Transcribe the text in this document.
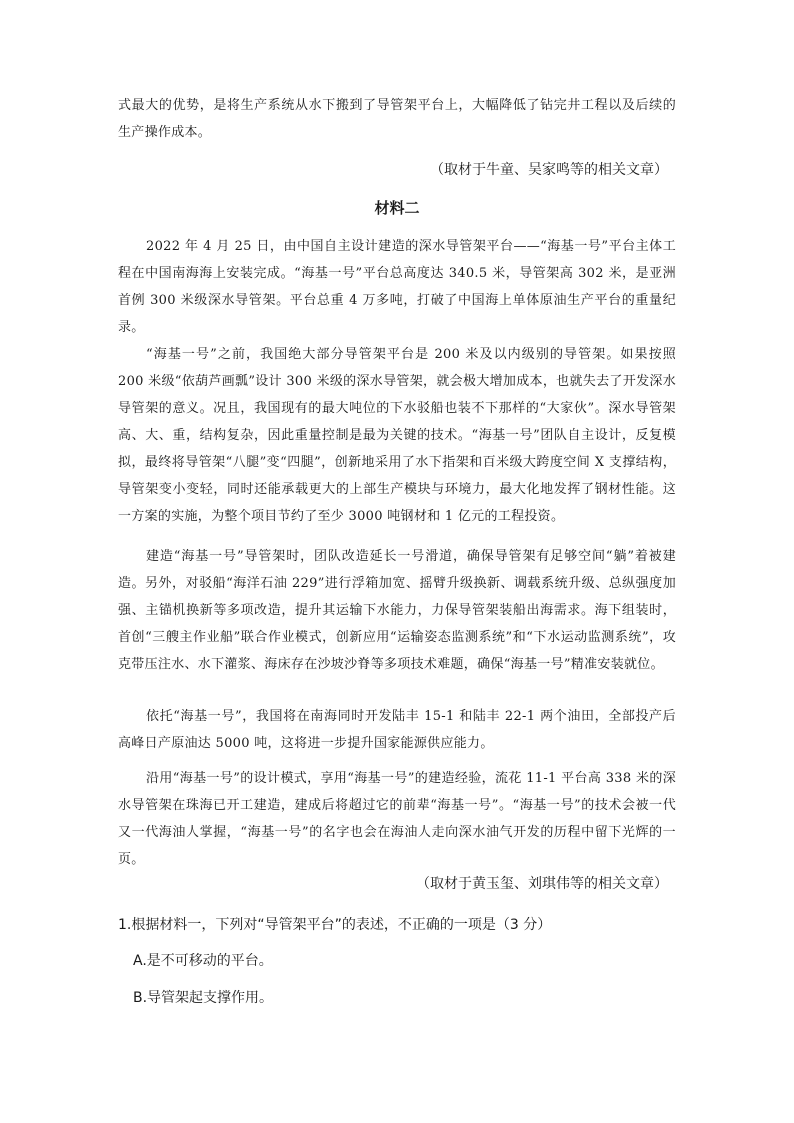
式最大的优势，是将生产系统从水下搬到了导管架平台上，大幅降低了钻完井工程以及后续的生产操作成本。

（取材于牛童、吴家鸣等的相关文章）

材料二

2022 年 4 月 25 日，由中国自主设计建造的深水导管架平台——“海基一号”平台主体工程在中国南海海上安装完成。“海基一号”平台总高度达 340.5 米，导管架高 302 米，是亚洲首例 300 米级深水导管架。平台总重 4 万多吨，打破了中国海上单体原油生产平台的重量纪录。

“海基一号”之前，我国绝大部分导管架平台是 200 米及以内级别的导管架。如果按照 200 米级“依葫芦画瓢”设计 300 米级的深水导管架，就会极大增加成本，也就失去了开发深水导管架的意义。况且，我国现有的最大吨位的下水驳船也装不下那样的“大家伙”。深水导管架高、大、重，结构复杂，因此重量控制是最为关键的技术。“海基一号”团队自主设计，反复模拟，最终将导管架“八腿”变“四腿”，创新地采用了水下指架和百米级大跨度空间 X 支撑结构，导管架变小变轻，同时还能承载更大的上部生产模块与环境力，最大化地发挥了钢材性能。这一方案的实施，为整个项目节约了至少 3000 吨钢材和 1 亿元的工程投资。

建造“海基一号”导管架时，团队改造延长一号滑道，确保导管架有足够空间“躺”着被建造。另外，对驳船“海洋石油 229”进行浮箱加宽、摇臂升级换新、调载系统升级、总纵强度加强、主锚机换新等多项改造，提升其运输下水能力，力保导管架装船出海需求。海下组装时，首创“三艘主作业船”联合作业模式，创新应用“运输姿态监测系统”和“下水运动监测系统”，攻克带压注水、水下灌浆、海床存在沙坡沙脊等多项技术难题，确保“海基一号”精准安装就位。

依托“海基一号”，我国将在南海同时开发陆丰 15-1 和陆丰 22-1 两个油田，全部投产后高峰日产原油达 5000 吨，这将进一步提升国家能源供应能力。

沿用“海基一号”的设计模式，享用“海基一号”的建造经验，流花 11-1 平台高 338 米的深水导管架在珠海已开工建造，建成后将超过它的前辈“海基一号”。“海基一号”的技术会被一代又一代海油人掌握，“海基一号”的名字也会在海油人走向深水油气开发的历程中留下光辉的一页。

（取材于黄玉玺、刘琪伟等的相关文章）

1.根据材料一，下列对“导管架平台”的表述，不正确的一项是（3 分）

A.是不可移动的平台。

B.导管架起支撑作用。
